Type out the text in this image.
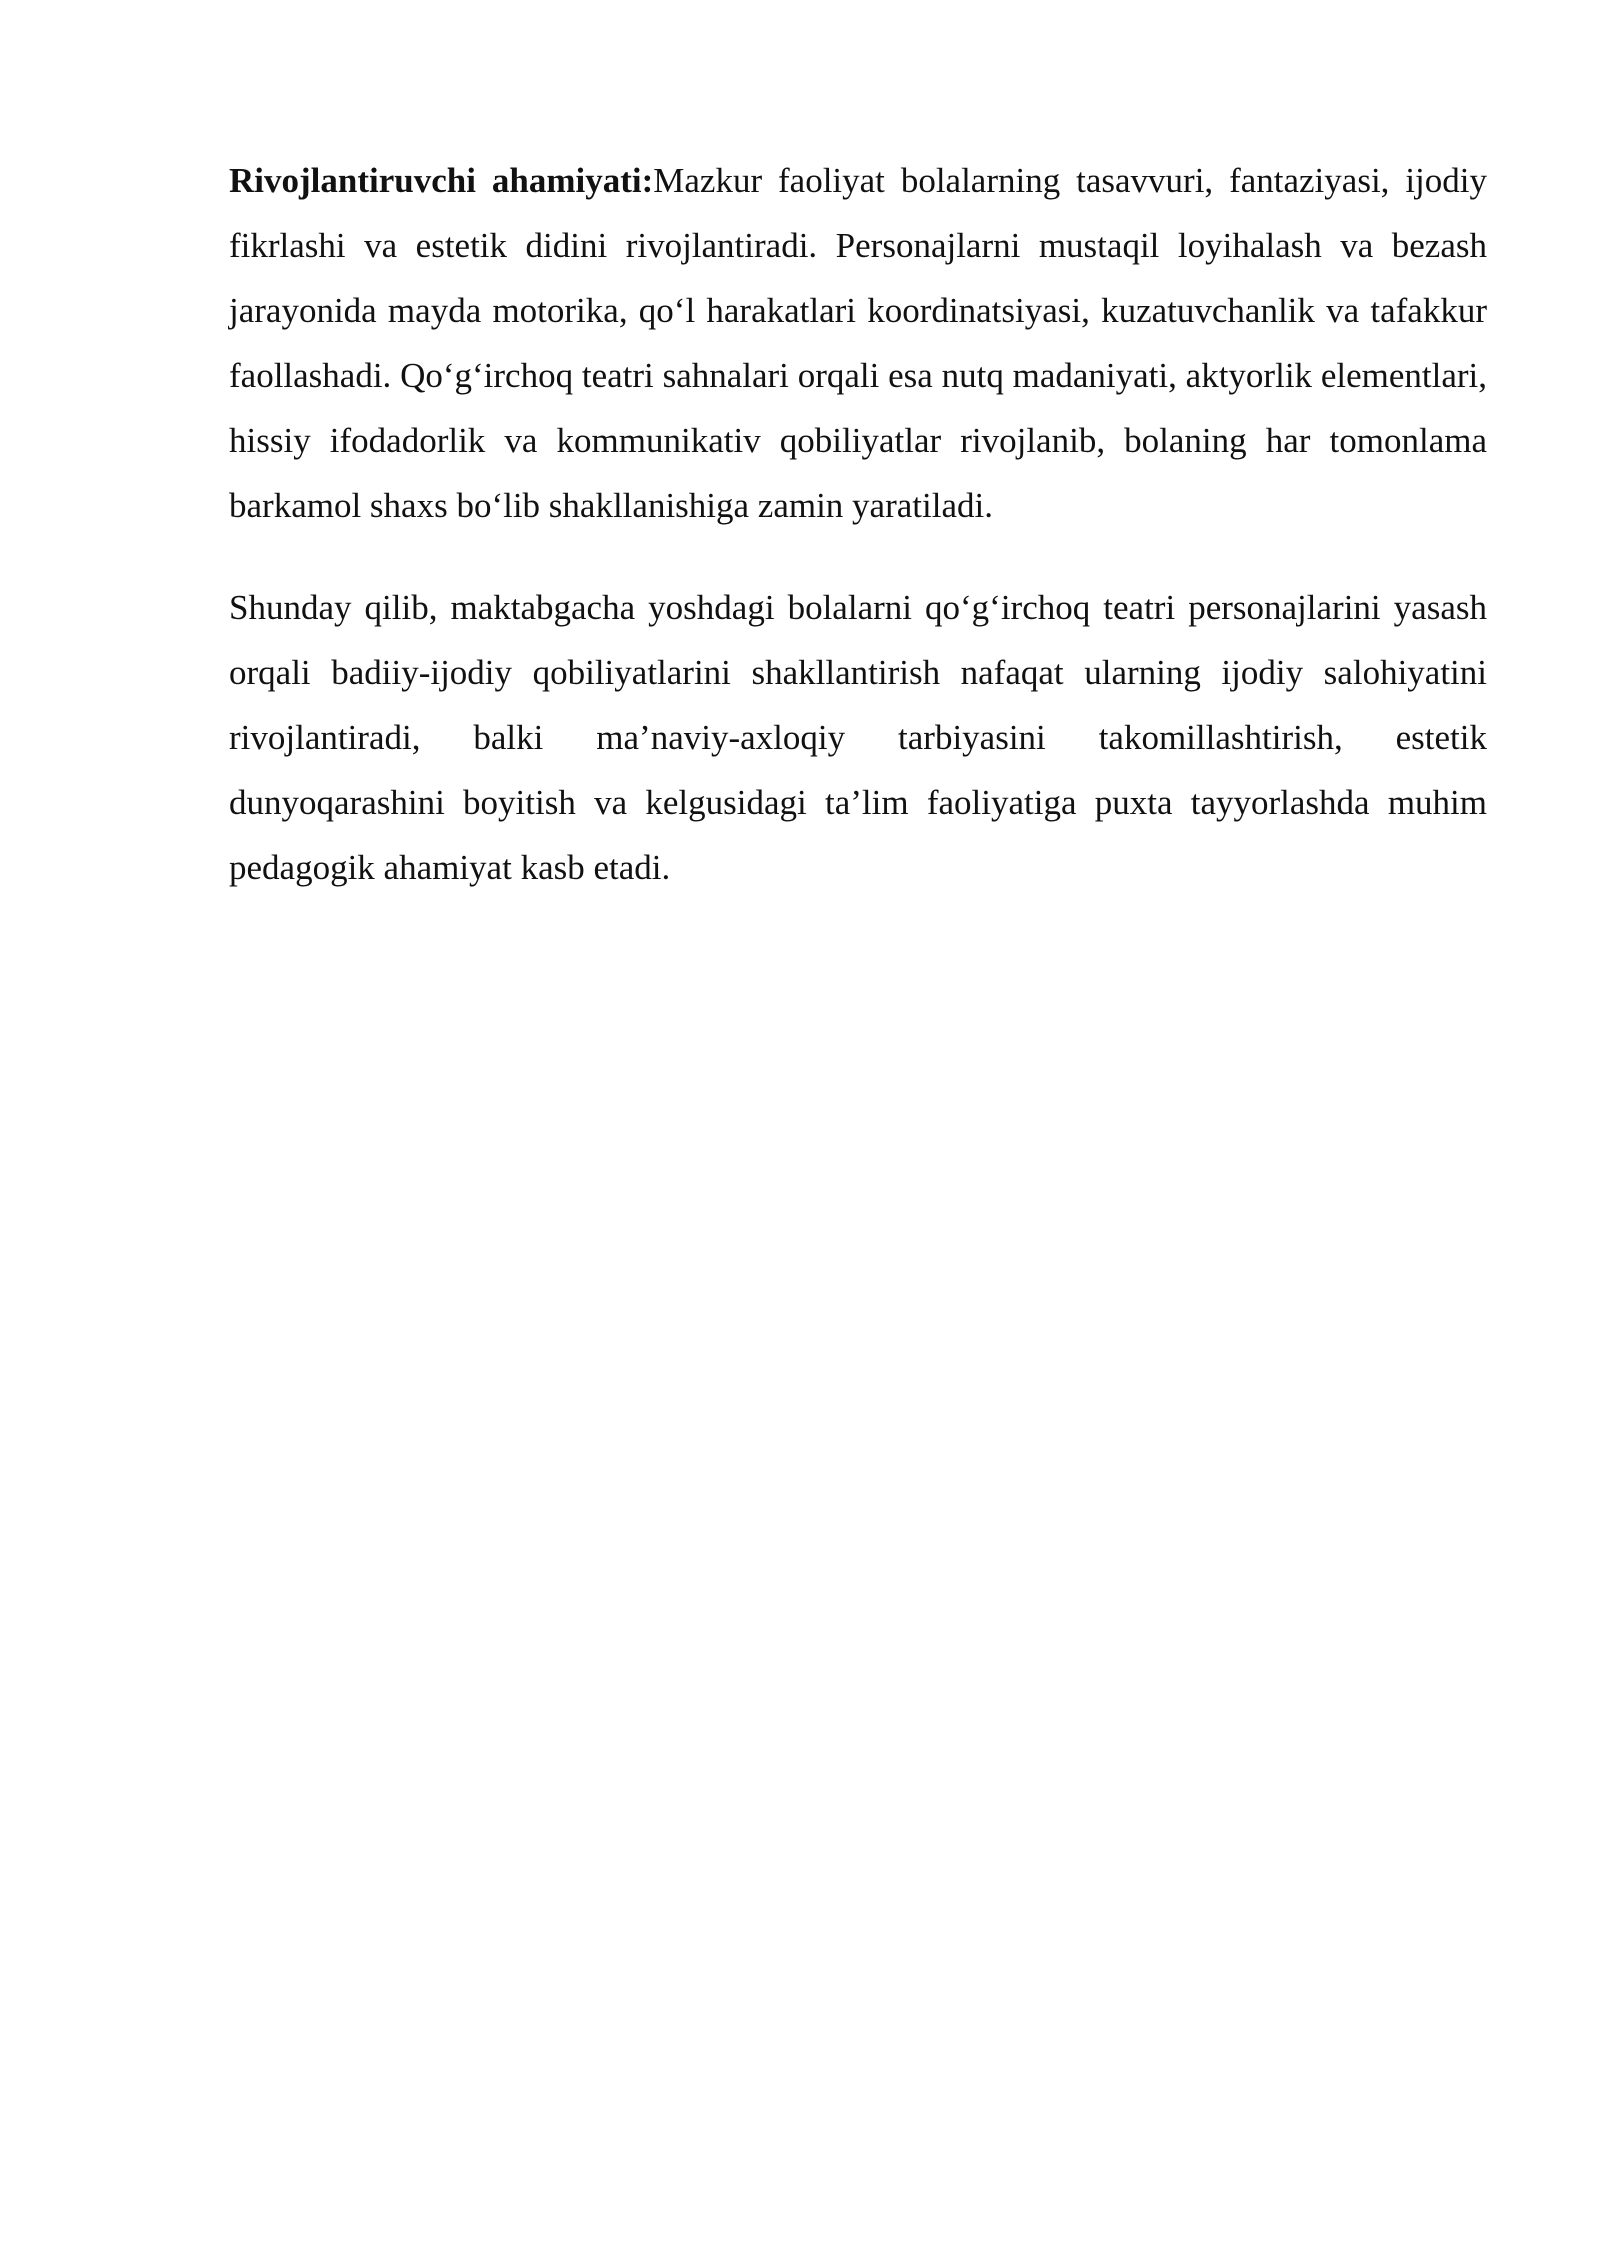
Rivojlantiruvchi ahamiyati:Mazkur faoliyat bolalarning tasavvuri, fantaziyasi, ijodiy fikrlashi va estetik didini rivojlantiradi. Personajlarni mustaqil loyihalash va bezash jarayonida mayda motorika, qo‘l harakatlari koordinatsiyasi, kuzatuvchanlik va tafakkur faollashadi. Qo‘g‘irchoq teatri sahnalari orqali esa nutq madaniyati, aktyorlik elementlari, hissiy ifodadorlik va kommunikativ qobiliyatlar rivojlanib, bolaning har tomonlama barkamol shaxs bo‘lib shakllanishiga zamin yaratiladi.

Shunday qilib, maktabgacha yoshdagi bolalarni qo‘g‘irchoq teatri personajlarini yasash orqali badiiy-ijodiy qobiliyatlarini shakllantirish nafaqat ularning ijodiy salohiyatini rivojlantiradi, balki ma’naviy-axloqiy tarbiyasini takomillashtirish, estetik dunyoqarashini boyitish va kelgusidagi ta’lim faoliyatiga puxta tayyorlashda muhim pedagogik ahamiyat kasb etadi.
